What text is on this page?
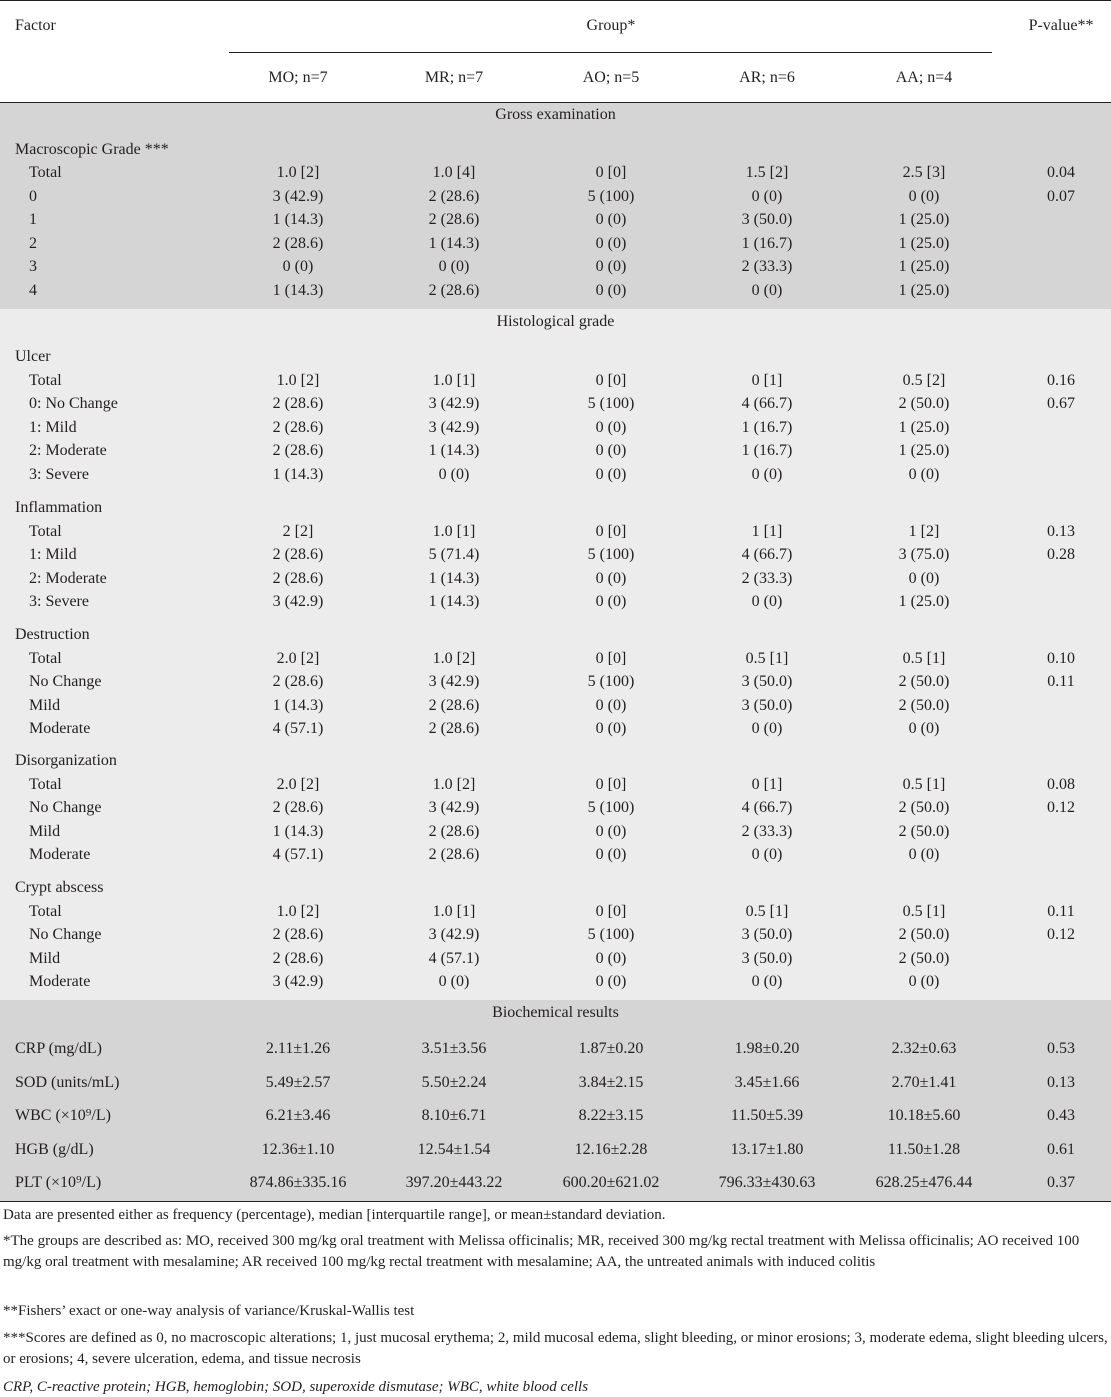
Factor	Group*	P-value**
MO; n=7	MR; n=7	AO; n=5	AR; n=6	AA; n=4
Gross examination
Macroscopic Grade ***
Total	1.0 [2]	1.0 [4]	0 [0]	1.5 [2]	2.5 [3]	0.04
0	3 (42.9)	2 (28.6)	5 (100)	0 (0)	0 (0)	0.07
1	1 (14.3)	2 (28.6)	0 (0)	3 (50.0)	1 (25.0)
2	2 (28.6)	1 (14.3)	0 (0)	1 (16.7)	1 (25.0)
3	0 (0)	0 (0)	0 (0)	2 (33.3)	1 (25.0)
4	1 (14.3)	2 (28.6)	0 (0)	0 (0)	1 (25.0)
Histological grade
Ulcer
Total	1.0 [2]	1.0 [1]	0 [0]	0 [1]	0.5 [2]	0.16
0: No Change	2 (28.6)	3 (42.9)	5 (100)	4 (66.7)	2 (50.0)	0.67
1: Mild	2 (28.6)	3 (42.9)	0 (0)	1 (16.7)	1 (25.0)
2: Moderate	2 (28.6)	1 (14.3)	0 (0)	1 (16.7)	1 (25.0)
3: Severe	1 (14.3)	0 (0)	0 (0)	0 (0)	0 (0)
Inflammation
Total	2 [2]	1.0 [1]	0 [0]	1 [1]	1 [2]	0.13
1: Mild	2 (28.6)	5 (71.4)	5 (100)	4 (66.7)	3 (75.0)	0.28
2: Moderate	2 (28.6)	1 (14.3)	0 (0)	2 (33.3)	0 (0)
3: Severe	3 (42.9)	1 (14.3)	0 (0)	0 (0)	1 (25.0)
Destruction
Total	2.0 [2]	1.0 [2]	0 [0]	0.5 [1]	0.5 [1]	0.10
No Change	2 (28.6)	3 (42.9)	5 (100)	3 (50.0)	2 (50.0)	0.11
Mild	1 (14.3)	2 (28.6)	0 (0)	3 (50.0)	2 (50.0)
Moderate	4 (57.1)	2 (28.6)	0 (0)	0 (0)	0 (0)
Disorganization
Total	2.0 [2]	1.0 [2]	0 [0]	0 [1]	0.5 [1]	0.08
No Change	2 (28.6)	3 (42.9)	5 (100)	4 (66.7)	2 (50.0)	0.12
Mild	1 (14.3)	2 (28.6)	0 (0)	2 (33.3)	2 (50.0)
Moderate	4 (57.1)	2 (28.6)	0 (0)	0 (0)	0 (0)
Crypt abscess
Total	1.0 [2]	1.0 [1]	0 [0]	0.5 [1]	0.5 [1]	0.11
No Change	2 (28.6)	3 (42.9)	5 (100)	3 (50.0)	2 (50.0)	0.12
Mild	2 (28.6)	4 (57.1)	0 (0)	3 (50.0)	2 (50.0)
Moderate	3 (42.9)	0 (0)	0 (0)	0 (0)	0 (0)
Biochemical results
CRP (mg/dL)	2.11±1.26	3.51±3.56	1.87±0.20	1.98±0.20	2.32±0.63	0.53
SOD (units/mL)	5.49±2.57	5.50±2.24	3.84±2.15	3.45±1.66	2.70±1.41	0.13
WBC (×10⁹/L)	6.21±3.46	8.10±6.71	8.22±3.15	11.50±5.39	10.18±5.60	0.43
HGB (g/dL)	12.36±1.10	12.54±1.54	12.16±2.28	13.17±1.80	11.50±1.28	0.61
PLT (×10⁹/L)	874.86±335.16	397.20±443.22	600.20±621.02	796.33±430.63	628.25±476.44	0.37
Data are presented either as frequency (percentage), median [interquartile range], or mean±standard deviation.
*The groups are described as: MO, received 300 mg/kg oral treatment with Melissa officinalis; MR, received 300 mg/kg rectal treatment with Melissa officinalis; AO received 100 mg/kg oral treatment with mesalamine; AR received 100 mg/kg rectal treatment with mesalamine; AA, the untreated animals with induced colitis
**Fishers’ exact or one-way analysis of variance/Kruskal-Wallis test
***Scores are defined as 0, no macroscopic alterations; 1, just mucosal erythema; 2, mild mucosal edema, slight bleeding, or minor erosions; 3, moderate edema, slight bleeding ulcers, or erosions; 4, severe ulceration, edema, and tissue necrosis
CRP, C-reactive protein; HGB, hemoglobin; SOD, superoxide dismutase; WBC, white blood cells
